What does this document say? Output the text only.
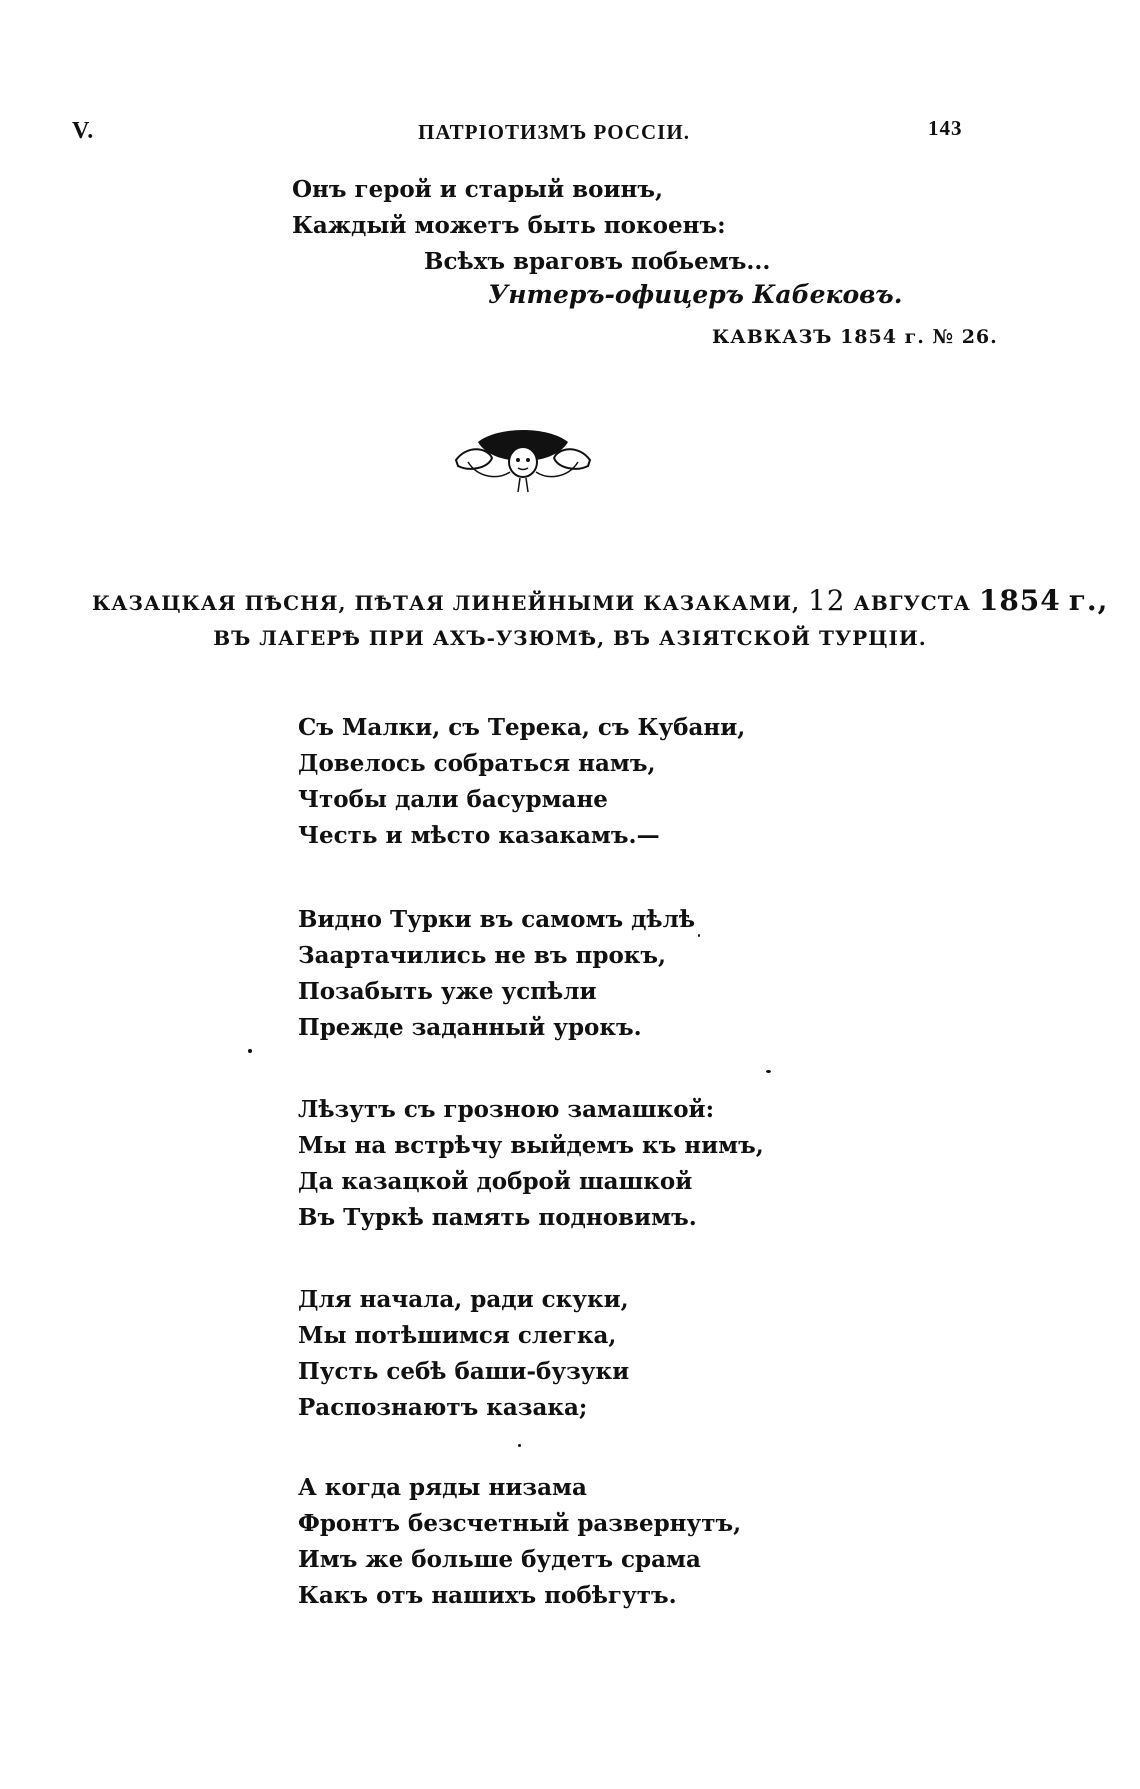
V.	ПАТРІОТИЗМЪ РОССІИ.	143
Онъ герой и старый воинъ,
Каждый можетъ быть покоенъ:
Всѣхъ враговъ побьемъ...
Унтеръ-офицеръ Кабековъ.
КАВКАЗЪ 1854 г. № 26.
КАЗАЦКАЯ ПѢСНЯ, ПѢТАЯ ЛИНЕЙНЫМИ КАЗАКАМИ, 12 АВГУСТА 1854 г.,
ВЪ ЛАГЕРѢ ПРИ АХЪ-УЗЮМѢ, ВЪ АЗІЯТСКОЙ ТУРЦІИ.
Съ Малки, съ Терека, съ Кубани,
Довелось собраться намъ,
Чтобы дали басурмане
Честь и мѣсто казакамъ.—
Видно Турки въ самомъ дѣлѣ
Заартачились не въ прокъ,
Позабыть уже успѣли
Прежде заданный урокъ.
Лѣзутъ съ грозною замашкой:
Мы на встрѣчу выйдемъ къ нимъ,
Да казацкой доброй шашкой
Въ Туркѣ память подновимъ.
Для начала, ради скуки,
Мы потѣшимся слегка,
Пусть себѣ баши-бузуки
Распознаютъ казака;
А когда ряды низама
Фронтъ безсчетный развернутъ,
Имъ же больше будетъ срама
Какъ отъ нашихъ побѣгутъ.
